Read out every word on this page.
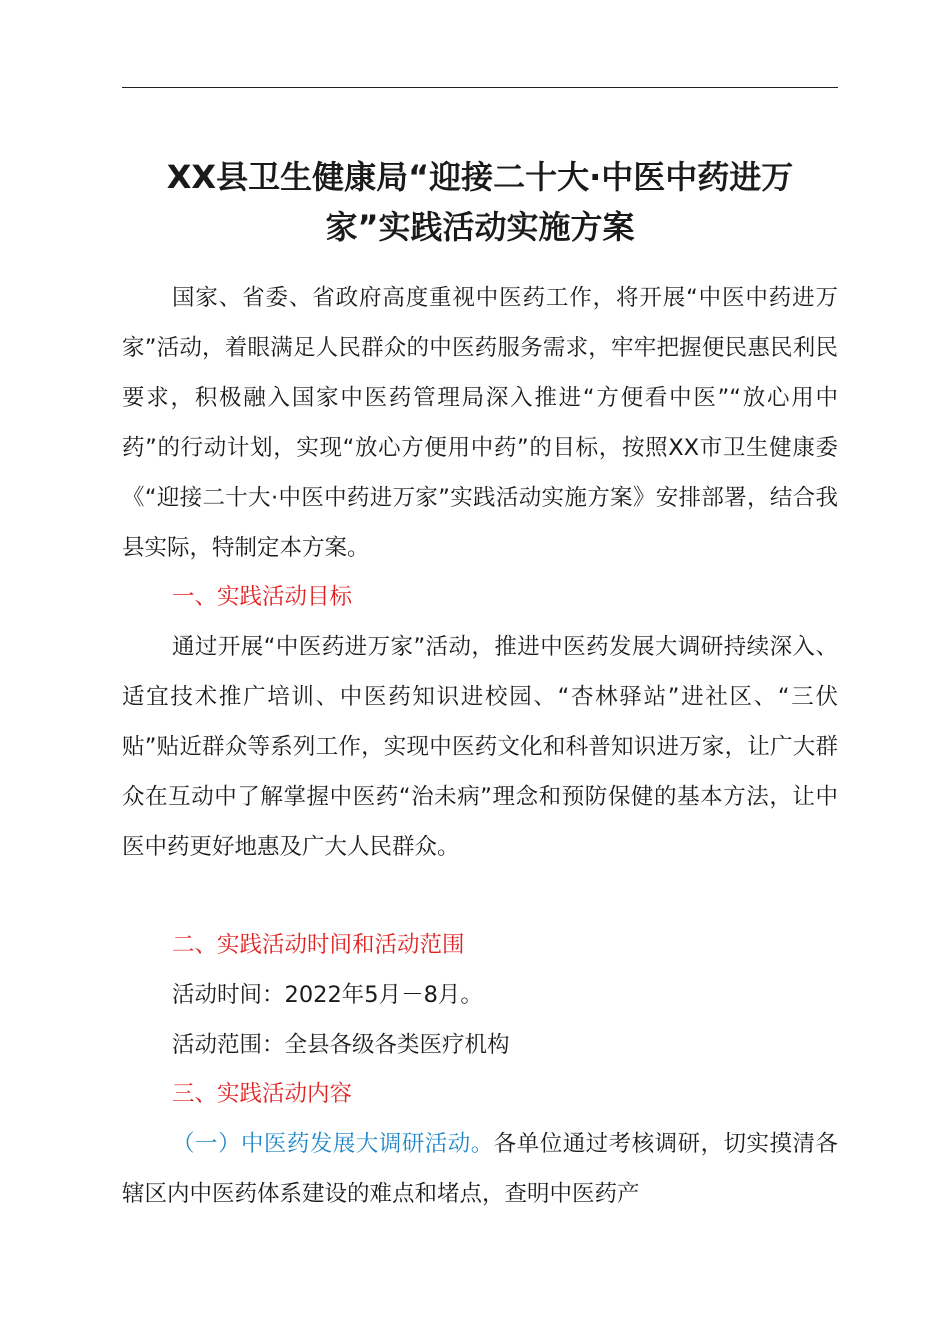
XX县卫生健康局“迎接二十大·中医中药进万
家”实践活动实施方案

国家、省委、省政府高度重视中医药工作，将开展“中医中药进万家”活动，着眼满足人民群众的中医药服务需求，牢牢把握便民惠民利民要求，积极融入国家中医药管理局深入推进“方便看中医”“放心用中药”的行动计划，实现“放心方便用中药”的目标，按照XX市卫生健康委《“迎接二十大·中医中药进万家”实践活动实施方案》安排部署，结合我县实际，特制定本方案。

一、实践活动目标

通过开展“中医药进万家”活动，推进中医药发展大调研持续深入、适宜技术推广培训、中医药知识进校园、“杏林驿站”进社区、“三伏贴”贴近群众等系列工作，实现中医药文化和科普知识进万家，让广大群众在互动中了解掌握中医药“治未病”理念和预防保健的基本方法，让中医中药更好地惠及广大人民群众。

二、实践活动时间和活动范围

活动时间：2022年5月－8月。

活动范围：全县各级各类医疗机构

三、实践活动内容

（一）中医药发展大调研活动。各单位通过考核调研，切实摸清各辖区内中医药体系建设的难点和堵点，查明中医药产
